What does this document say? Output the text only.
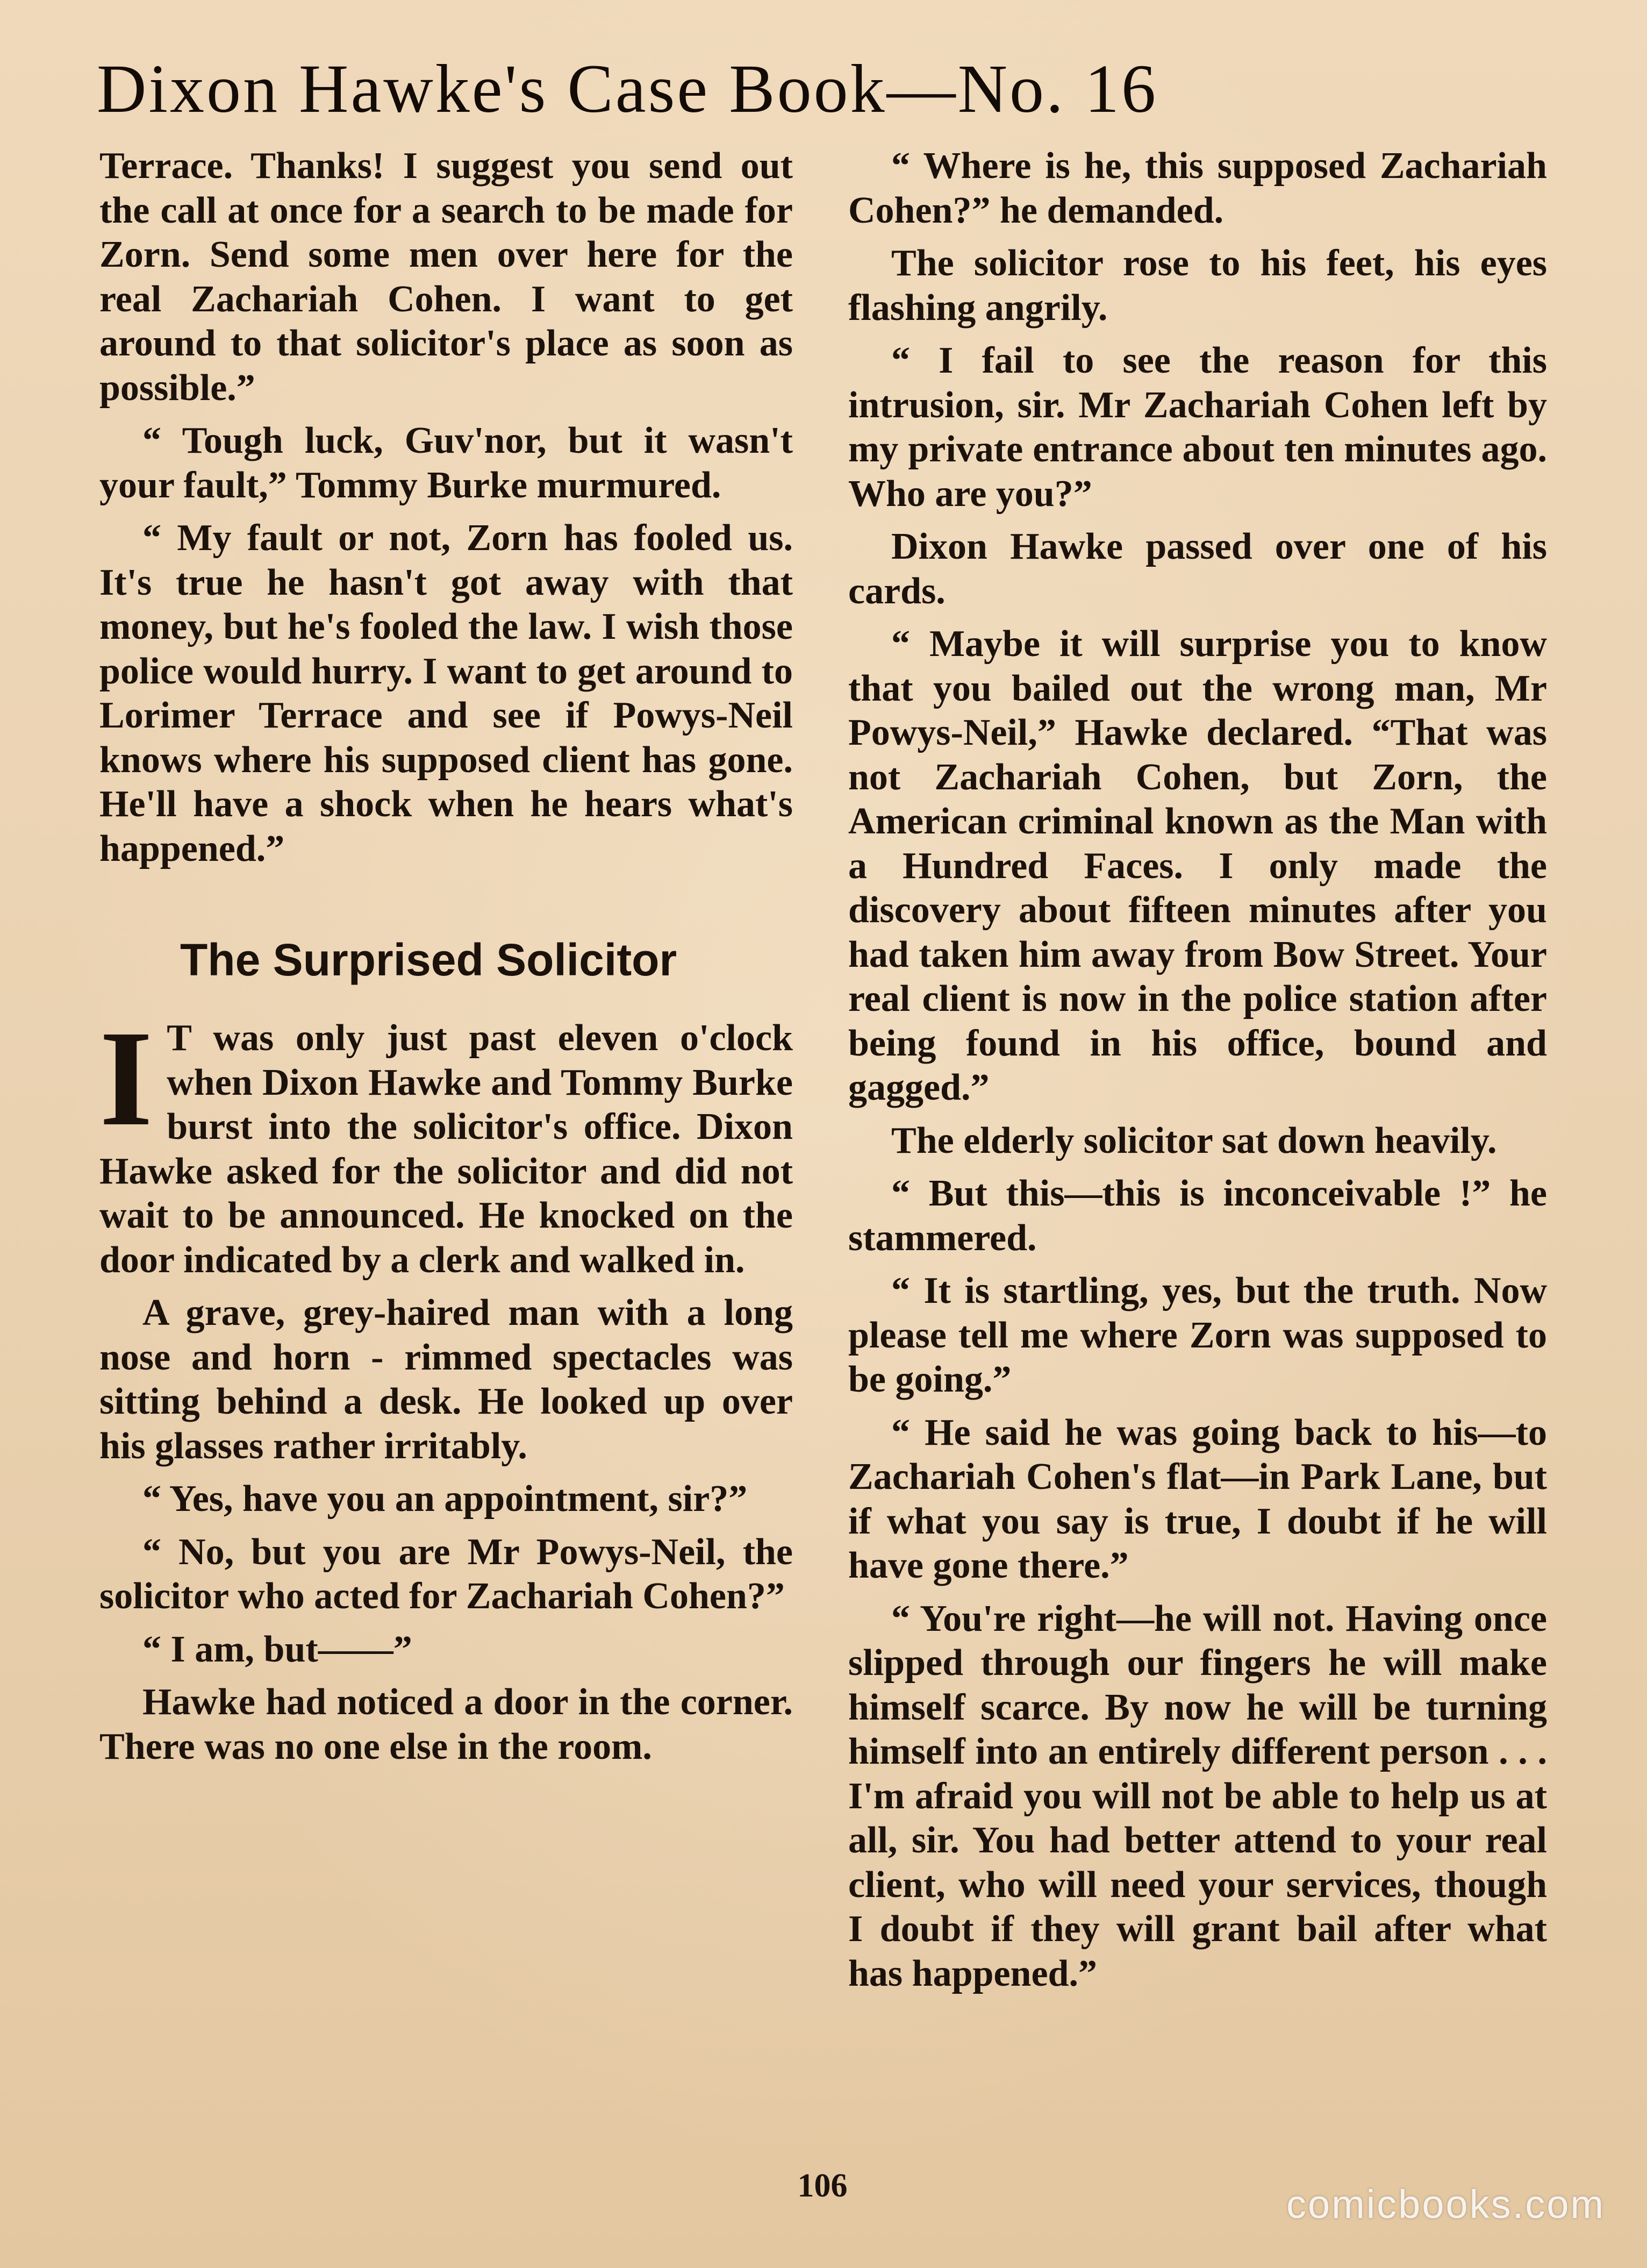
Dixon Hawke's Case Book—No. 16

Terrace. Thanks! I suggest you send out the call at once for a search to be made for Zorn. Send some men over here for the real Zachariah Cohen. I want to get around to that solicitor's place as soon as possible.”

“ Tough luck, Guv'nor, but it wasn't your fault,” Tommy Burke murmured.

“ My fault or not, Zorn has fooled us. It's true he hasn't got away with that money, but he's fooled the law. I wish those police would hurry. I want to get around to Lorimer Terrace and see if Powys-Neil knows where his supposed client has gone. He'll have a shock when he hears what's happened.”

The Surprised Solicitor

I T was only just past eleven o'clock when Dixon Hawke and Tommy Burke burst into the solicitor's office. Dixon Hawke asked for the solicitor and did not wait to be announced. He knocked on the door indicated by a clerk and walked in.

A grave, grey-haired man with a long nose and horn - rimmed spectacles was sitting behind a desk. He looked up over his glasses rather irritably.

“ Yes, have you an appointment, sir?”

“ No, but you are Mr Powys-Neil, the solicitor who acted for Zachariah Cohen?”

“ I am, but——”

Hawke had noticed a door in the corner. There was no one else in the room.

“ Where is he, this supposed Zachariah Cohen?” he demanded.

The solicitor rose to his feet, his eyes flashing angrily.

“ I fail to see the reason for this intrusion, sir. Mr Zachariah Cohen left by my private entrance about ten minutes ago. Who are you?”

Dixon Hawke passed over one of his cards.

“ Maybe it will surprise you to know that you bailed out the wrong man, Mr Powys-Neil,” Hawke declared. “That was not Zachariah Cohen, but Zorn, the American criminal known as the Man with a Hundred Faces. I only made the discovery about fifteen minutes after you had taken him away from Bow Street. Your real client is now in the police station after being found in his office, bound and gagged.”

The elderly solicitor sat down heavily.

“ But this—this is inconceivable !” he stammered.

“ It is startling, yes, but the truth. Now please tell me where Zorn was supposed to be going.”

“ He said he was going back to his—to Zachariah Cohen's flat—in Park Lane, but if what you say is true, I doubt if he will have gone there.”

“ You're right—he will not. Having once slipped through our fingers he will make himself scarce. By now he will be turning himself into an entirely different person . . . I'm afraid you will not be able to help us at all, sir. You had better attend to your real client, who will need your services, though I doubt if they will grant bail after what has happened.”

106	comicbooks.com
